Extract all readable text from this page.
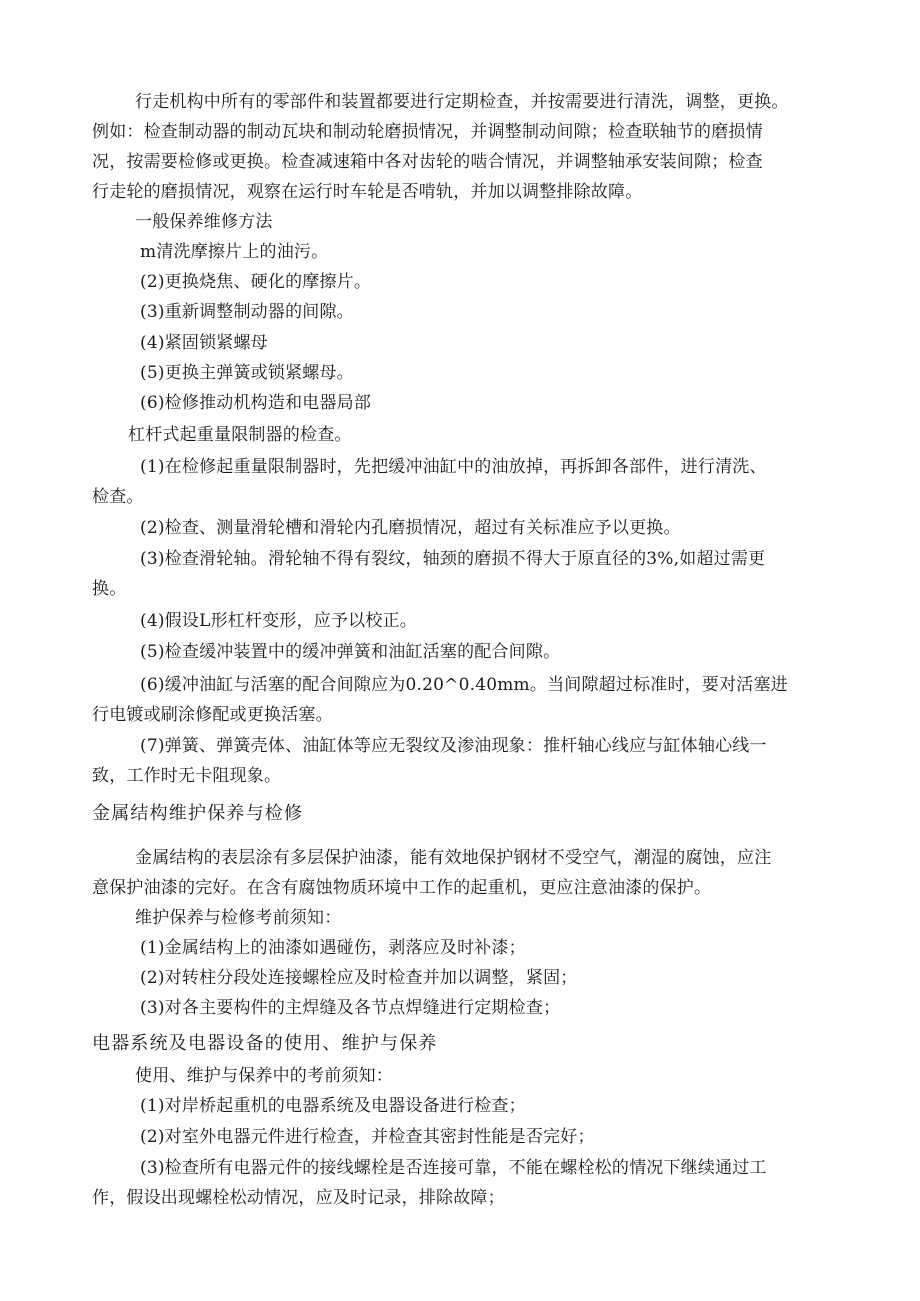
行走机构中所有的零部件和装置都要进行定期检查，并按需要进行清洗，调整，更换。
例如：检查制动器的制动瓦块和制动轮磨损情况，并调整制动间隙；检查联轴节的磨损情
况，按需要检修或更换。检查减速箱中各对齿轮的啮合情况，并调整轴承安装间隙；检查
行走轮的磨损情况，观察在运行时车轮是否啃轨，并加以调整排除故障。
一般保养维修方法
m清洗摩擦片上的油污。
(2)更换烧焦、硬化的摩擦片。
(3)重新调整制动器的间隙。
(4)紧固锁紧螺母
(5)更换主弹簧或锁紧螺母。
(6)检修推动机构造和电器局部
杠杆式起重量限制器的检查。
(1)在检修起重量限制器时，先把缓冲油缸中的油放掉，再拆卸各部件，进行清洗、
检查。
(2)检查、测量滑轮槽和滑轮内孔磨损情况，超过有关标准应予以更换。
(3)检查滑轮轴。滑轮轴不得有裂纹，轴颈的磨损不得大于原直径的3%,如超过需更
换。
(4)假设L形杠杆变形，应予以校正。
(5)检查缓冲装置中的缓冲弹簧和油缸活塞的配合间隙。
(6)缓冲油缸与活塞的配合间隙应为0.20^0.40mm。当间隙超过标准时，要对活塞进
行电镀或刷涂修配或更换活塞。
(7)弹簧、弹簧壳体、油缸体等应无裂纹及渗油现象：推杆轴心线应与缸体轴心线一
致，工作时无卡阻现象。
金属结构维护保养与检修
金属结构的表层涂有多层保护油漆，能有效地保护钢材不受空气，潮湿的腐蚀，应注
意保护油漆的完好。在含有腐蚀物质环境中工作的起重机，更应注意油漆的保护。
维护保养与检修考前须知：
(1)金属结构上的油漆如遇碰伤，剥落应及时补漆；
(2)对转柱分段处连接螺栓应及时检查并加以调整，紧固；
(3)对各主要构件的主焊缝及各节点焊缝进行定期检查；
电器系统及电器设备的使用、维护与保养
使用、维护与保养中的考前须知：
(1)对岸桥起重机的电器系统及电器设备进行检查；
(2)对室外电器元件进行检查，并检查其密封性能是否完好；
(3)检查所有电器元件的接线螺栓是否连接可靠，不能在螺栓松的情况下继续通过工
作，假设出现螺栓松动情况，应及时记录，排除故障；
